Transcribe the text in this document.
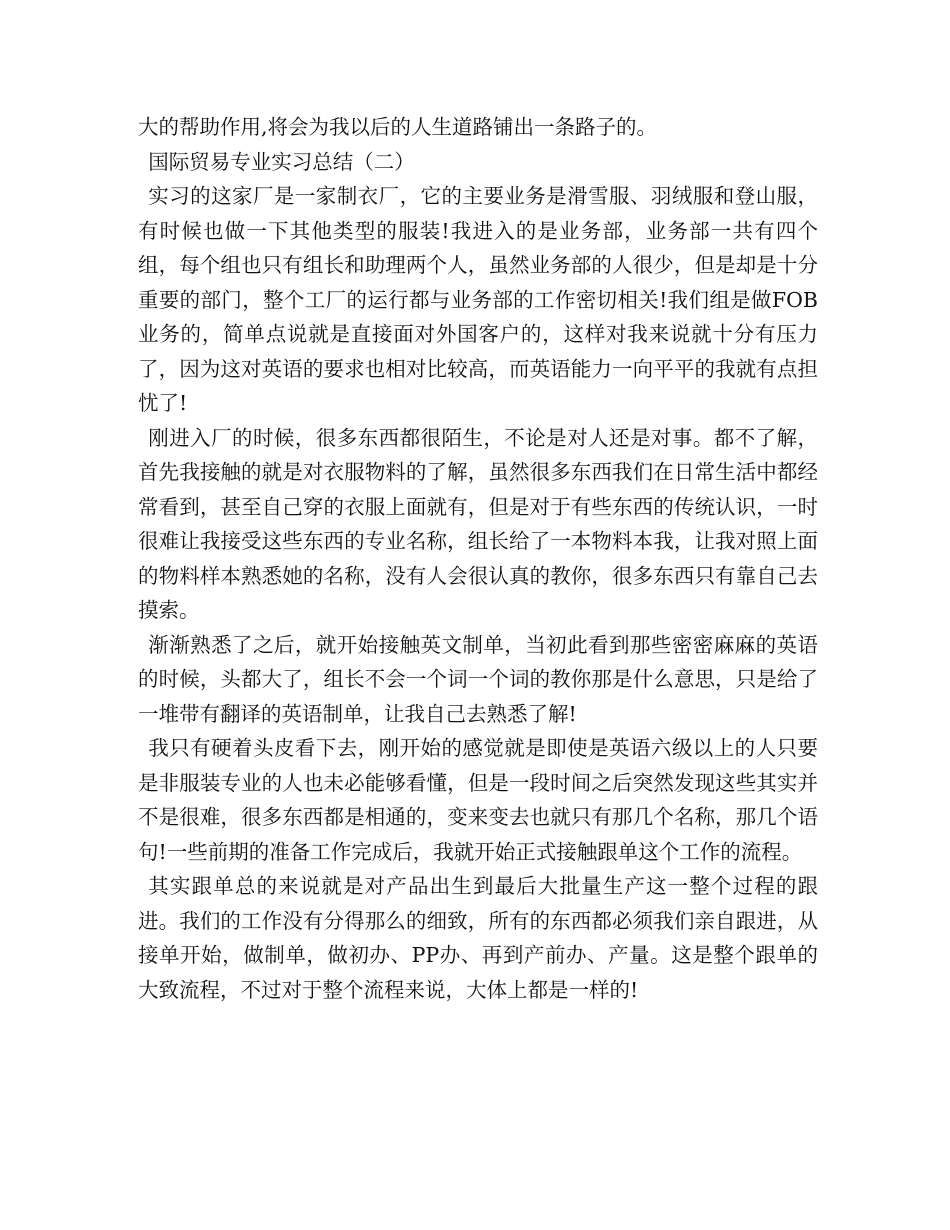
大的帮助作用,将会为我以后的人生道路铺出一条路子的。

国际贸易专业实习总结（二）

实习的这家厂是一家制衣厂，它的主要业务是滑雪服、羽绒服和登山服，有时候也做一下其他类型的服装!我进入的是业务部，业务部一共有四个组，每个组也只有组长和助理两个人，虽然业务部的人很少，但是却是十分重要的部门，整个工厂的运行都与业务部的工作密切相关!我们组是做FOB业务的，简单点说就是直接面对外国客户的，这样对我来说就十分有压力了，因为这对英语的要求也相对比较高，而英语能力一向平平的我就有点担忧了!

刚进入厂的时候，很多东西都很陌生，不论是对人还是对事。都不了解，首先我接触的就是对衣服物料的了解，虽然很多东西我们在日常生活中都经常看到，甚至自己穿的衣服上面就有，但是对于有些东西的传统认识，一时很难让我接受这些东西的专业名称，组长给了一本物料本我，让我对照上面的物料样本熟悉她的名称，没有人会很认真的教你，很多东西只有靠自己去摸索。

渐渐熟悉了之后，就开始接触英文制单，当初此看到那些密密麻麻的英语的时候，头都大了，组长不会一个词一个词的教你那是什么意思，只是给了一堆带有翻译的英语制单，让我自己去熟悉了解!

我只有硬着头皮看下去，刚开始的感觉就是即使是英语六级以上的人只要是非服装专业的人也未必能够看懂，但是一段时间之后突然发现这些其实并不是很难，很多东西都是相通的，变来变去也就只有那几个名称，那几个语句!一些前期的准备工作完成后，我就开始正式接触跟单这个工作的流程。

其实跟单总的来说就是对产品出生到最后大批量生产这一整个过程的跟进。我们的工作没有分得那么的细致，所有的东西都必须我们亲自跟进，从接单开始，做制单，做初办、PP办、再到产前办、产量。这是整个跟单的大致流程，不过对于整个流程来说，大体上都是一样的!
